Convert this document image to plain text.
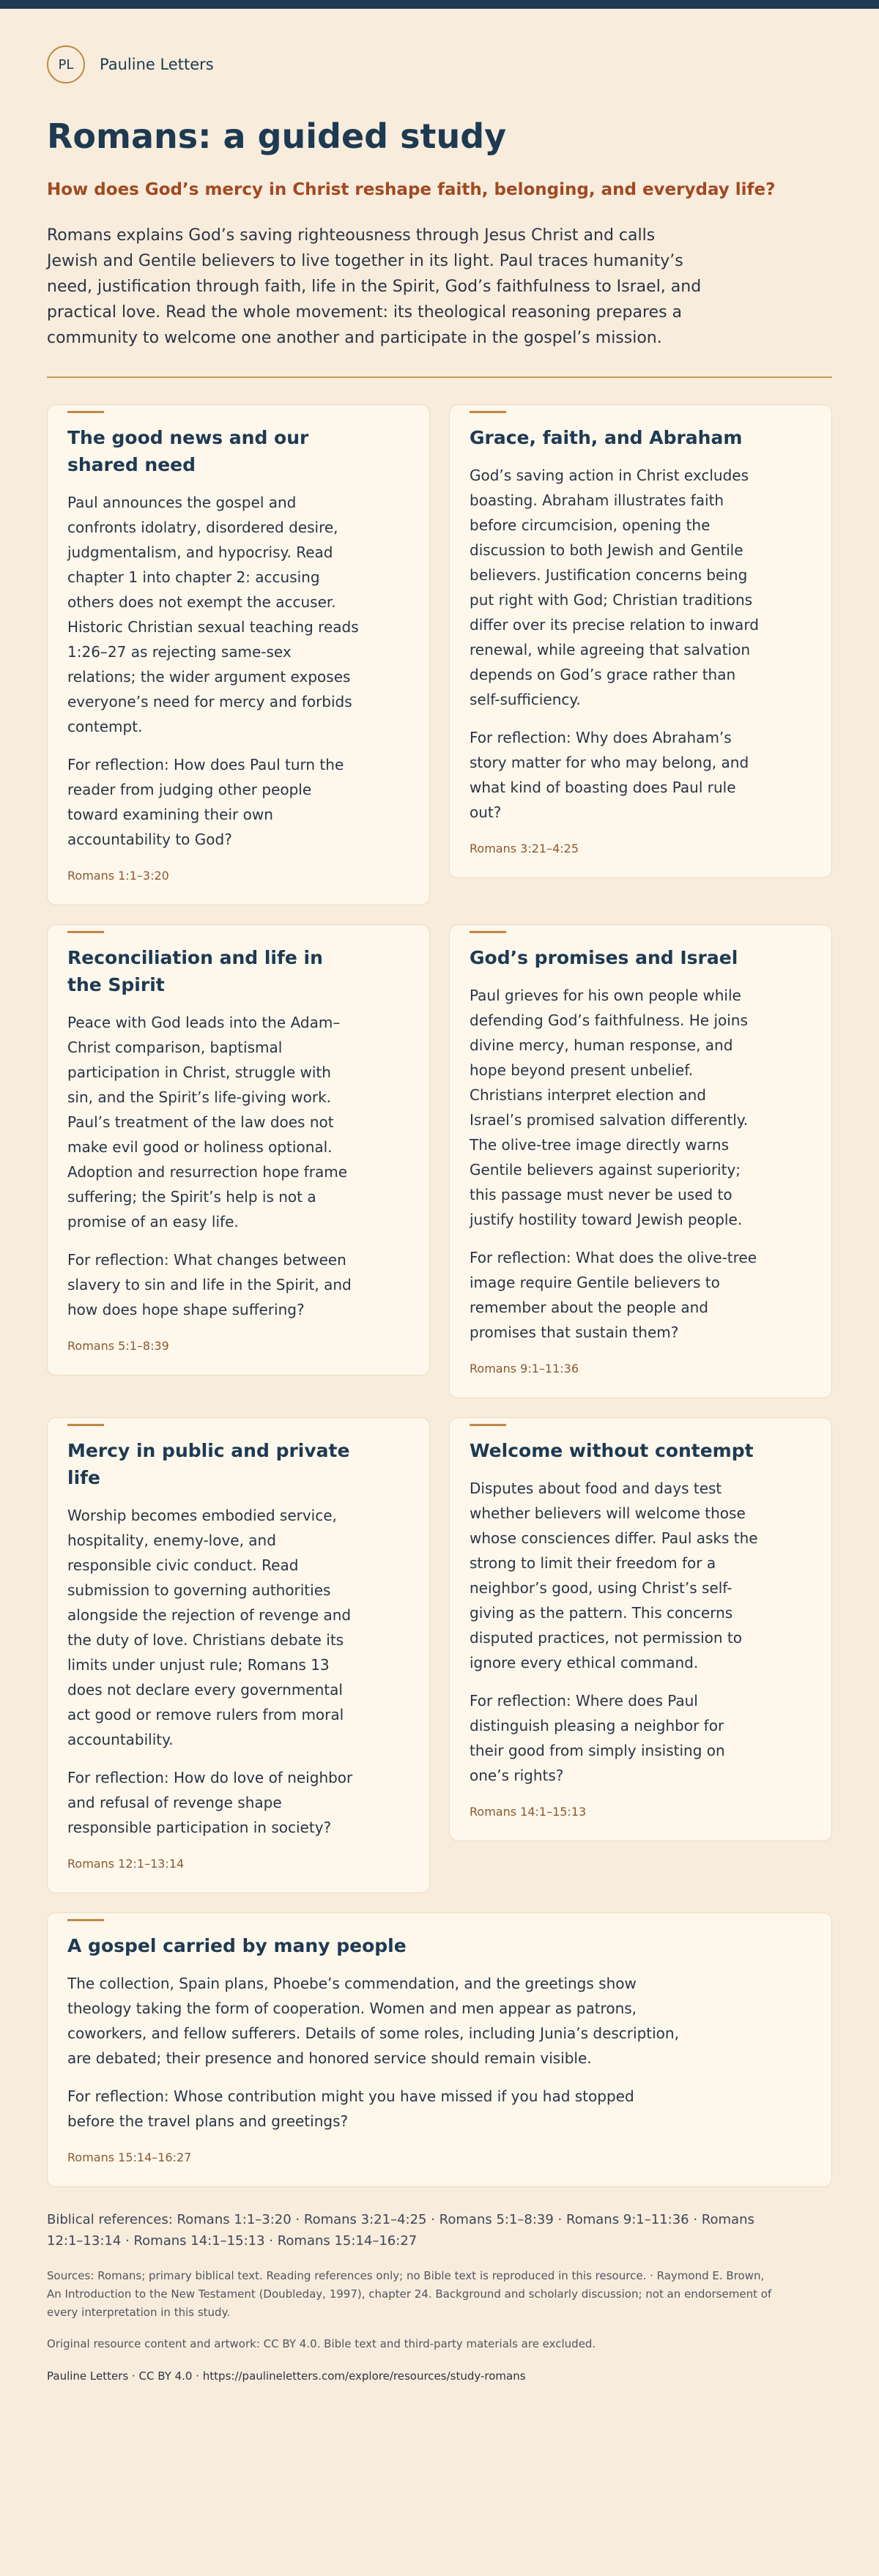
PL	Pauline Letters
Romans: a guided study
How does God’s mercy in Christ reshape faith, belonging, and everyday life?

Romans explains God’s saving righteousness through Jesus Christ and calls Jewish and Gentile believers to live together in its light. Paul traces humanity’s need, justification through faith, life in the Spirit, God’s faithfulness to Israel, and practical love. Read the whole movement: its theological reasoning prepares a community to welcome one another and participate in the gospel’s mission.

The good news and our shared need

Paul announces the gospel and confronts idolatry, disordered desire, judgmentalism, and hypocrisy. Read chapter 1 into chapter 2: accusing others does not exempt the accuser. Historic Christian sexual teaching reads 1:26–27 as rejecting same-sex relations; the wider argument exposes everyone’s need for mercy and forbids contempt.

For reflection: How does Paul turn the reader from judging other people toward examining their own accountability to God?

Romans 1:1–3:20
Grace, faith, and Abraham

God’s saving action in Christ excludes boasting. Abraham illustrates faith before circumcision, opening the discussion to both Jewish and Gentile believers. Justification concerns being put right with God; Christian traditions differ over its precise relation to inward renewal, while agreeing that salvation depends on God’s grace rather than self-sufficiency.

For reflection: Why does Abraham’s story matter for who may belong, and what kind of boasting does Paul rule out?

Romans 3:21–4:25
Reconciliation and life in the Spirit

Peace with God leads into the Adam–Christ comparison, baptismal participation in Christ, struggle with sin, and the Spirit’s life-giving work. Paul’s treatment of the law does not make evil good or holiness optional. Adoption and resurrection hope frame suffering; the Spirit’s help is not a promise of an easy life.

For reflection: What changes between slavery to sin and life in the Spirit, and how does hope shape suffering?

Romans 5:1–8:39
God’s promises and Israel

Paul grieves for his own people while defending God’s faithfulness. He joins divine mercy, human response, and hope beyond present unbelief. Christians interpret election and Israel’s promised salvation differently. The olive-tree image directly warns Gentile believers against superiority; this passage must never be used to justify hostility toward Jewish people.

For reflection: What does the olive-tree image require Gentile believers to remember about the people and promises that sustain them?

Romans 9:1–11:36
Mercy in public and private life

Worship becomes embodied service, hospitality, enemy-love, and responsible civic conduct. Read submission to governing authorities alongside the rejection of revenge and the duty of love. Christians debate its limits under unjust rule; Romans 13 does not declare every governmental act good or remove rulers from moral accountability.

For reflection: How do love of neighbor and refusal of revenge shape responsible participation in society?

Romans 12:1–13:14
Welcome without contempt

Disputes about food and days test whether believers will welcome those whose consciences differ. Paul asks the strong to limit their freedom for a neighbor’s good, using Christ’s self-giving as the pattern. This concerns disputed practices, not permission to ignore every ethical command.

For reflection: Where does Paul distinguish pleasing a neighbor for their good from simply insisting on one’s rights?

Romans 14:1–15:13
A gospel carried by many people

The collection, Spain plans, Phoebe’s commendation, and the greetings show theology taking the form of cooperation. Women and men appear as patrons, coworkers, and fellow sufferers. Details of some roles, including Junia’s description, are debated; their presence and honored service should remain visible.

For reflection: Whose contribution might you have missed if you had stopped before the travel plans and greetings?

Romans 15:14–16:27

Biblical references: Romans 1:1–3:20 · Romans 3:21–4:25 · Romans 5:1–8:39 · Romans 9:1–11:36 · Romans 12:1–13:14 · Romans 14:1–15:13 · Romans 15:14–16:27

Sources: Romans; primary biblical text. Reading references only; no Bible text is reproduced in this resource. · Raymond E. Brown, An Introduction to the New Testament (Doubleday, 1997), chapter 24. Background and scholarly discussion; not an endorsement of every interpretation in this study.

Original resource content and artwork: CC BY 4.0. Bible text and third-party materials are excluded.

Pauline Letters · CC BY 4.0 · https://paulineletters.com/explore/resources/study-romans
